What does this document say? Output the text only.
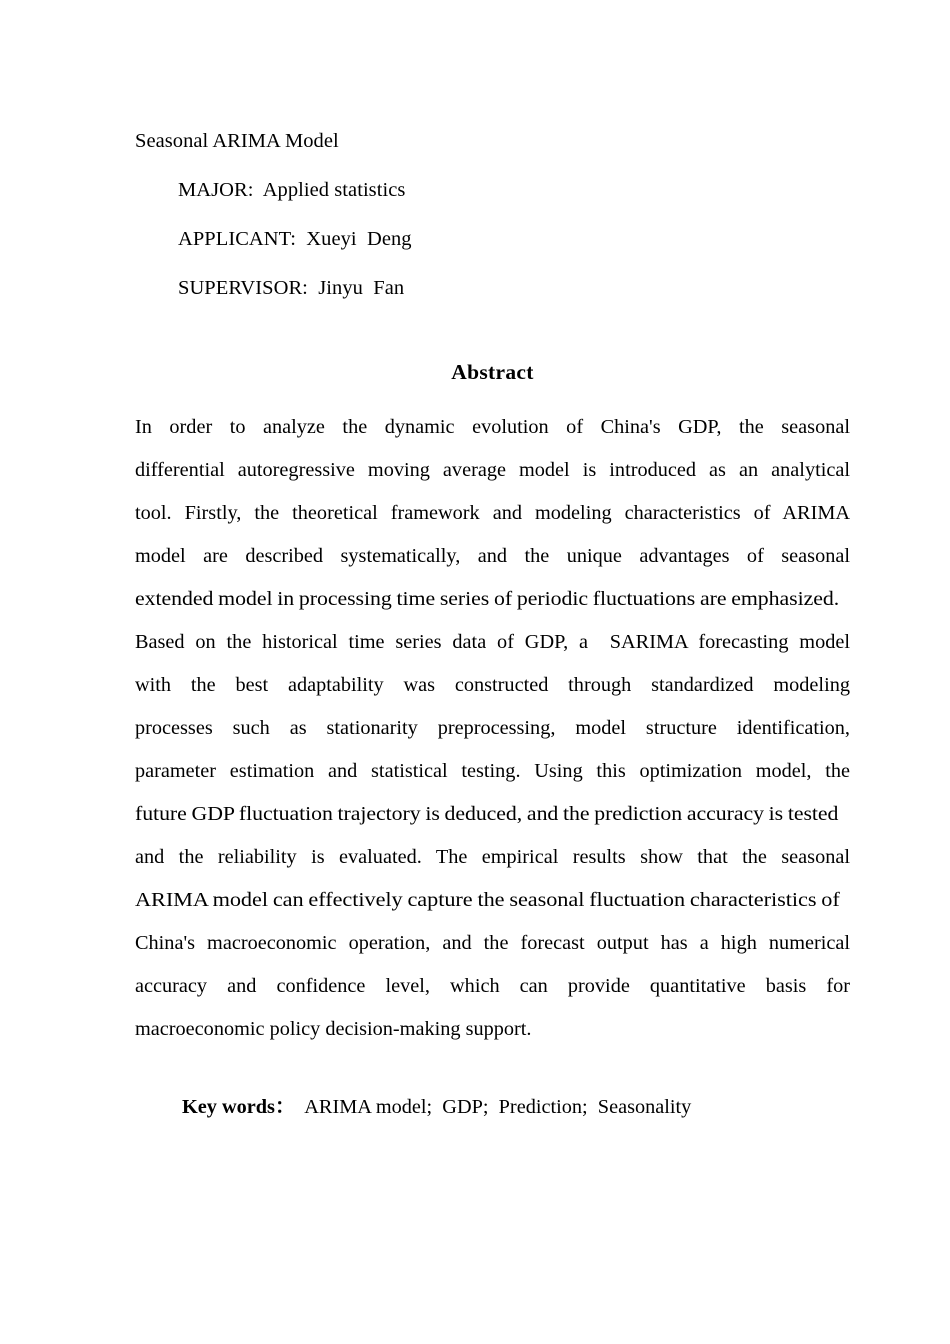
Seasonal ARIMA Model
MAJOR:  Applied statistics
APPLICANT:  Xueyi  Deng
SUPERVISOR:  Jinyu  Fan
Abstract
In  order  to  analyze  the  dynamic  evolution  of  China's  GDP,  the  seasonal
differential autoregressive moving average model is introduced as an analytical
tool. Firstly, the theoretical framework and modeling characteristics of ARIMA
model  are  described  systematically,  and  the  unique  advantages  of  seasonal
extended model in processing time series of periodic fluctuations are emphasized.
Based on the historical time series data of GDP, a  SARIMA forecasting model
with  the  best  adaptability  was  constructed  through  standardized  modeling
processes  such  as  stationarity  preprocessing,  model  structure  identification,
parameter estimation and statistical testing. Using this optimization model, the
future GDP fluctuation trajectory is deduced, and the prediction accuracy is tested
and  the  reliability  is  evaluated.  The  empirical  results  show  that  the  seasonal
ARIMA model can effectively capture the seasonal fluctuation characteristics of
China's macroeconomic operation, and the forecast output has a high numerical
accuracy  and  confidence  level,  which  can  provide  quantitative  basis  for
macroeconomic policy decision-making support.
Key words： ARIMA model;  GDP;  Prediction;  Seasonality
